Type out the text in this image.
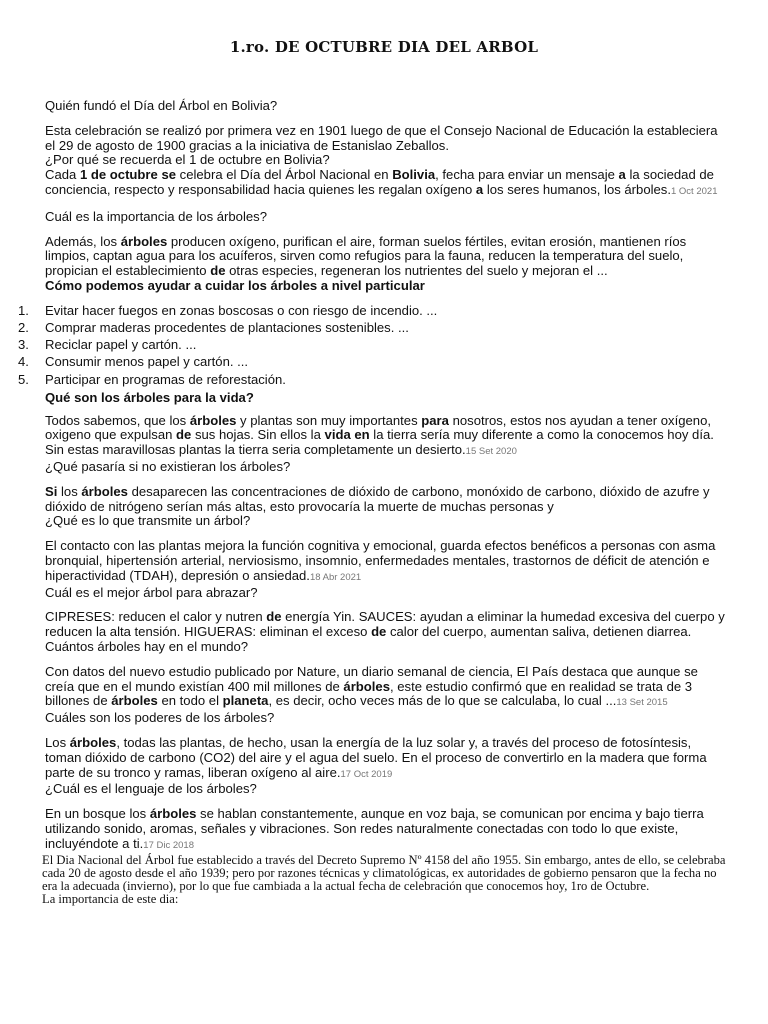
1.ro. DE OCTUBRE DIA DEL ARBOL
Quién fundó el Día del Árbol en Bolivia?
Esta celebración se realizó por primera vez en 1901 luego de que el Consejo Nacional de Educación la estableciera el 29 de agosto de 1900 gracias a la iniciativa de Estanislao Zeballos.
¿Por qué se recuerda el 1 de octubre en Bolivia?
Cada 1 de octubre se celebra el Día del Árbol Nacional en Bolivia, fecha para enviar un mensaje a la sociedad de conciencia, respecto y responsabilidad hacia quienes les regalan oxígeno a los seres humanos, los árboles.1 Oct 2021
Cuál es la importancia de los árboles?
Además, los árboles producen oxígeno, purifican el aire, forman suelos fértiles, evitan erosión, mantienen ríos limpios, captan agua para los acuíferos, sirven como refugios para la fauna, reducen la temperatura del suelo, propician el establecimiento de otras especies, regeneran los nutrientes del suelo y mejoran el ...
Cómo podemos ayudar a cuidar los árboles a nivel particular
1. Evitar hacer fuegos en zonas boscosas o con riesgo de incendio. ...
2. Comprar maderas procedentes de plantaciones sostenibles. ...
3. Reciclar papel y cartón. ...
4. Consumir menos papel y cartón. ...
5. Participar en programas de reforestación.
Qué son los árboles para la vida?
Todos sabemos, que los árboles y plantas son muy importantes para nosotros, estos nos ayudan a tener oxígeno, oxigeno que expulsan de sus hojas. Sin ellos la vida en la tierra sería muy diferente a como la conocemos hoy día. Sin estas maravillosas plantas la tierra seria completamente un desierto.15 Set 2020
¿Qué pasaría si no existieran los árboles?
Si los árboles desaparecen las concentraciones de dióxido de carbono, monóxido de carbono, dióxido de azufre y dióxido de nitrógeno serían más altas, esto provocaría la muerte de muchas personas y
¿Qué es lo que transmite un árbol?
El contacto con las plantas mejora la función cognitiva y emocional, guarda efectos benéficos a personas con asma bronquial, hipertensión arterial, nerviosismo, insomnio, enfermedades mentales, trastornos de déficit de atención e hiperactividad (TDAH), depresión o ansiedad.18 Abr 2021
Cuál es el mejor árbol para abrazar?
CIPRESES: reducen el calor y nutren de energía Yin. SAUCES: ayudan a eliminar la humedad excesiva del cuerpo y reducen la alta tensión. HIGUERAS: eliminan el exceso de calor del cuerpo, aumentan saliva, detienen diarrea.
Cuántos árboles hay en el mundo?
Con datos del nuevo estudio publicado por Nature, un diario semanal de ciencia, El País destaca que aunque se creía que en el mundo existían 400 mil millones de árboles, este estudio confirmó que en realidad se trata de 3 billones de árboles en todo el planeta, es decir, ocho veces más de lo que se calculaba, lo cual ...13 Set 2015
Cuáles son los poderes de los árboles?
Los árboles, todas las plantas, de hecho, usan la energía de la luz solar y, a través del proceso de fotosíntesis, toman dióxido de carbono (CO2) del aire y el agua del suelo. En el proceso de convertirlo en la madera que forma parte de su tronco y ramas, liberan oxígeno al aire.17 Oct 2019
¿Cuál es el lenguaje de los árboles?
En un bosque los árboles se hablan constantemente, aunque en voz baja, se comunican por encima y bajo tierra utilizando sonido, aromas, señales y vibraciones. Son redes naturalmente conectadas con todo lo que existe, incluyéndote a ti.17 Dic 2018
El Dia Nacional del Árbol fue establecido a través del Decreto Supremo Nº 4158 del año 1955. Sin embargo, antes de ello, se celebraba cada 20 de agosto desde el año 1939; pero por razones técnicas y climatológicas, ex autoridades de gobierno pensaron que la fecha no era la adecuada (invierno), por lo que fue cambiada a la actual fecha de celebración que conocemos hoy, 1ro de Octubre.
La importancia de este dia:
